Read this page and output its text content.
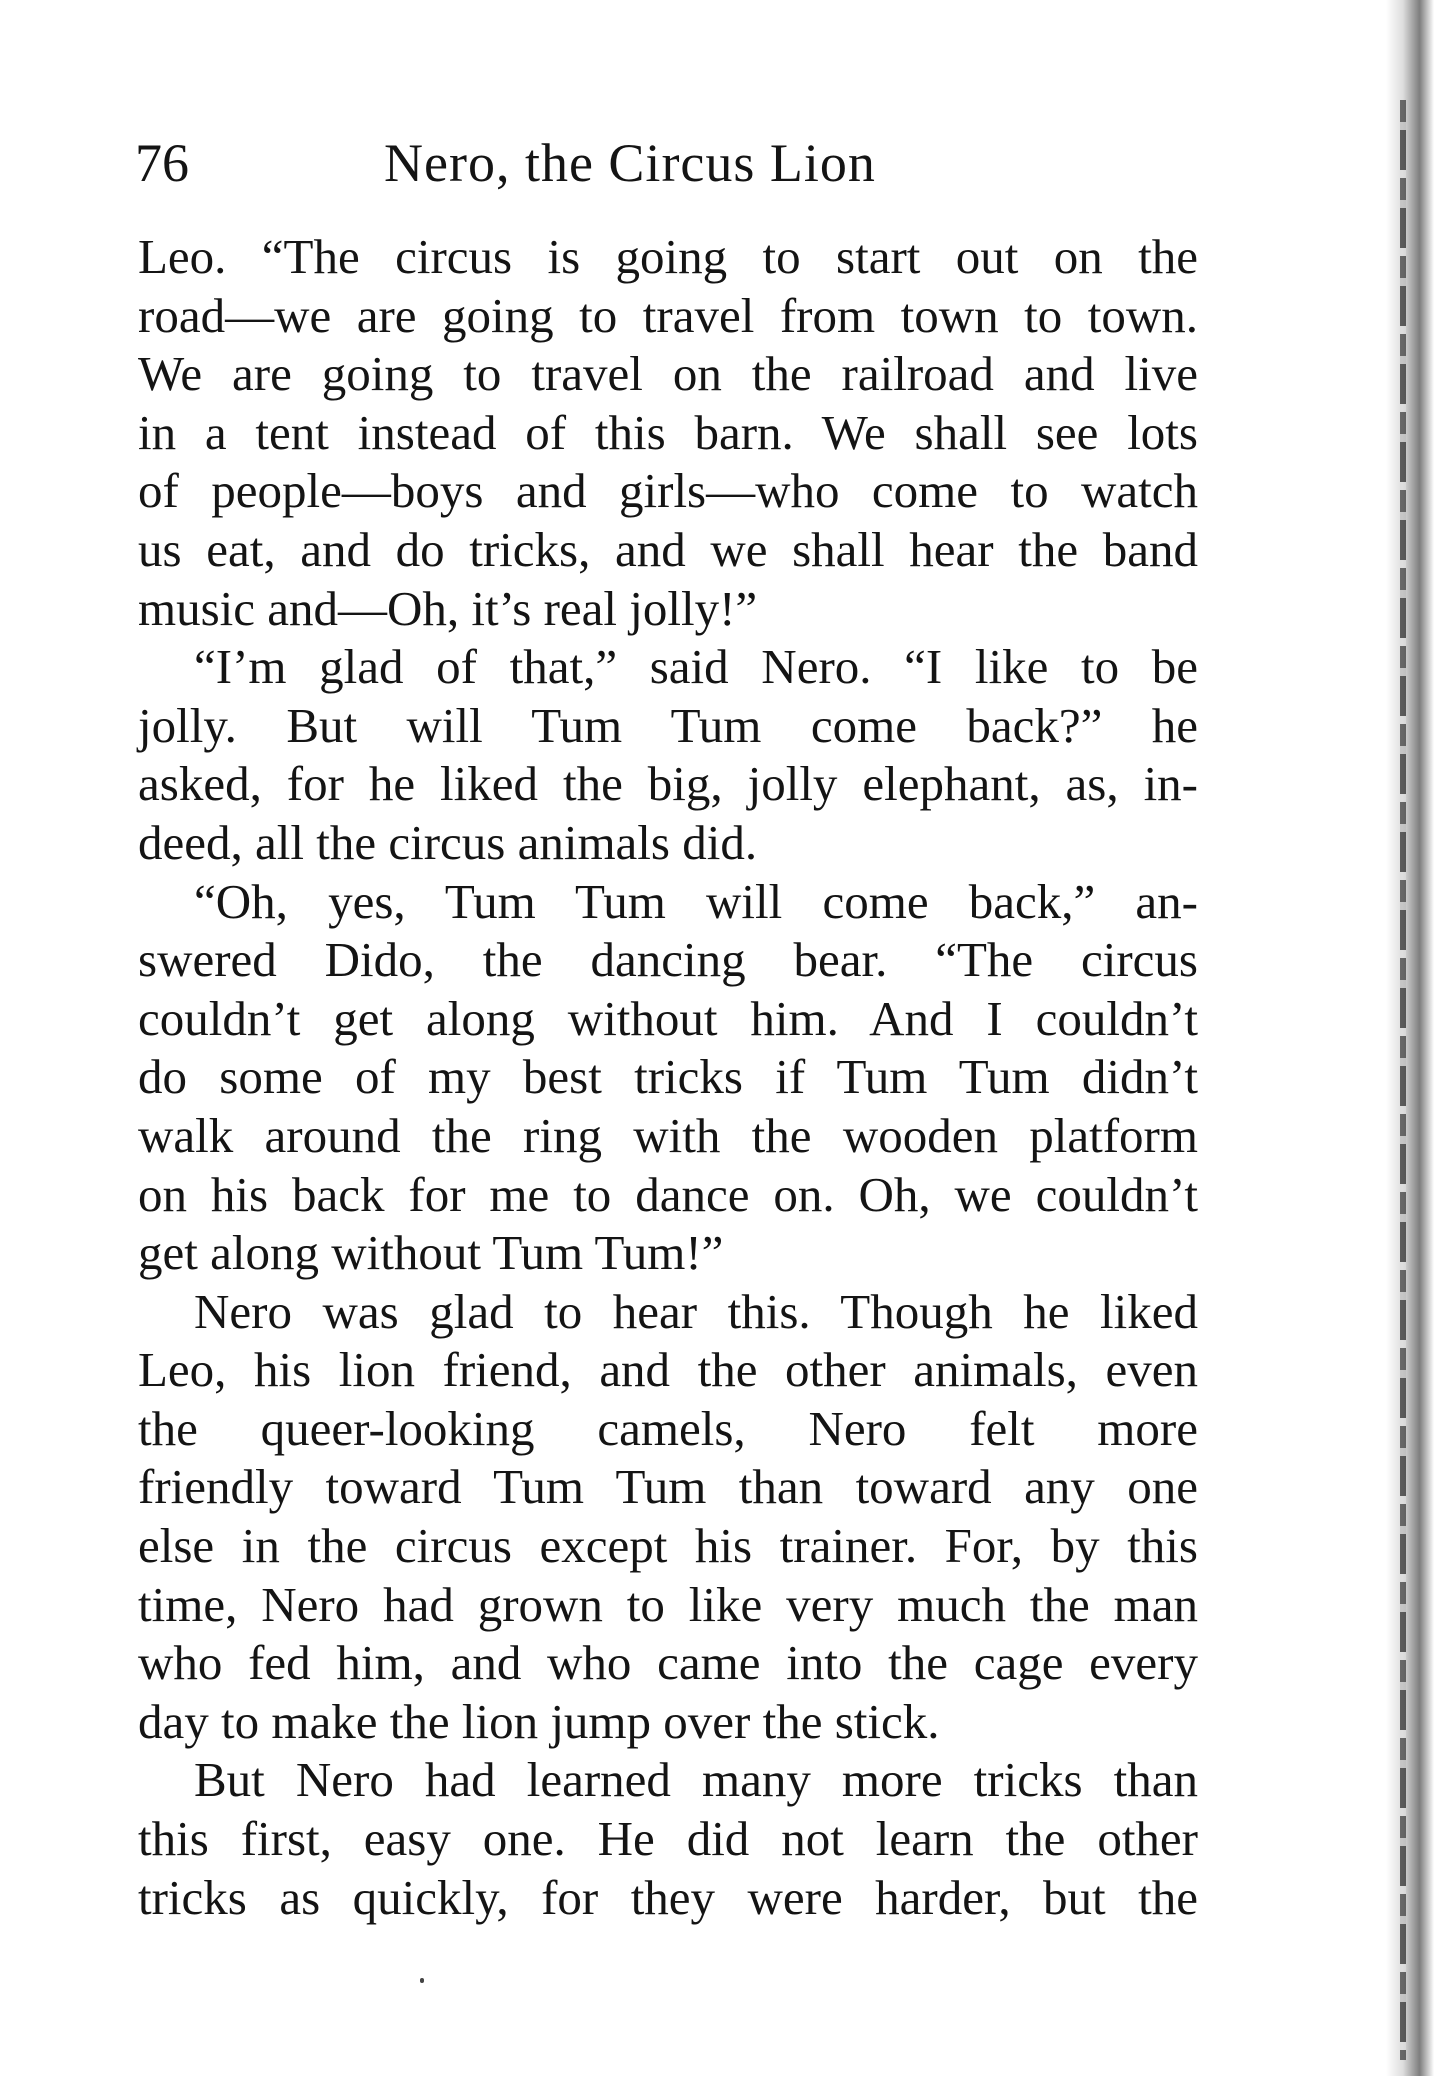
76	Nero, the Circus Lion
Leo. “The circus is going to start out on the
road—we are going to travel from town to town.
We are going to travel on the railroad and live
in a tent instead of this barn. We shall see lots
of people—boys and girls—who come to watch
us eat, and do tricks, and we shall hear the band
music and—Oh, it’s real jolly!”
“I’m glad of that,” said Nero. “I like to be
jolly. But will Tum Tum come back?” he
asked, for he liked the big, jolly elephant, as, in-
deed, all the circus animals did.
“Oh, yes, Tum Tum will come back,” an-
swered Dido, the dancing bear. “The circus
couldn’t get along without him. And I couldn’t
do some of my best tricks if Tum Tum didn’t
walk around the ring with the wooden platform
on his back for me to dance on. Oh, we couldn’t
get along without Tum Tum!”
Nero was glad to hear this. Though he liked
Leo, his lion friend, and the other animals, even
the queer-looking camels, Nero felt more
friendly toward Tum Tum than toward any one
else in the circus except his trainer. For, by this
time, Nero had grown to like very much the man
who fed him, and who came into the cage every
day to make the lion jump over the stick.
But Nero had learned many more tricks than
this first, easy one. He did not learn the other
tricks as quickly, for they were harder, but the
